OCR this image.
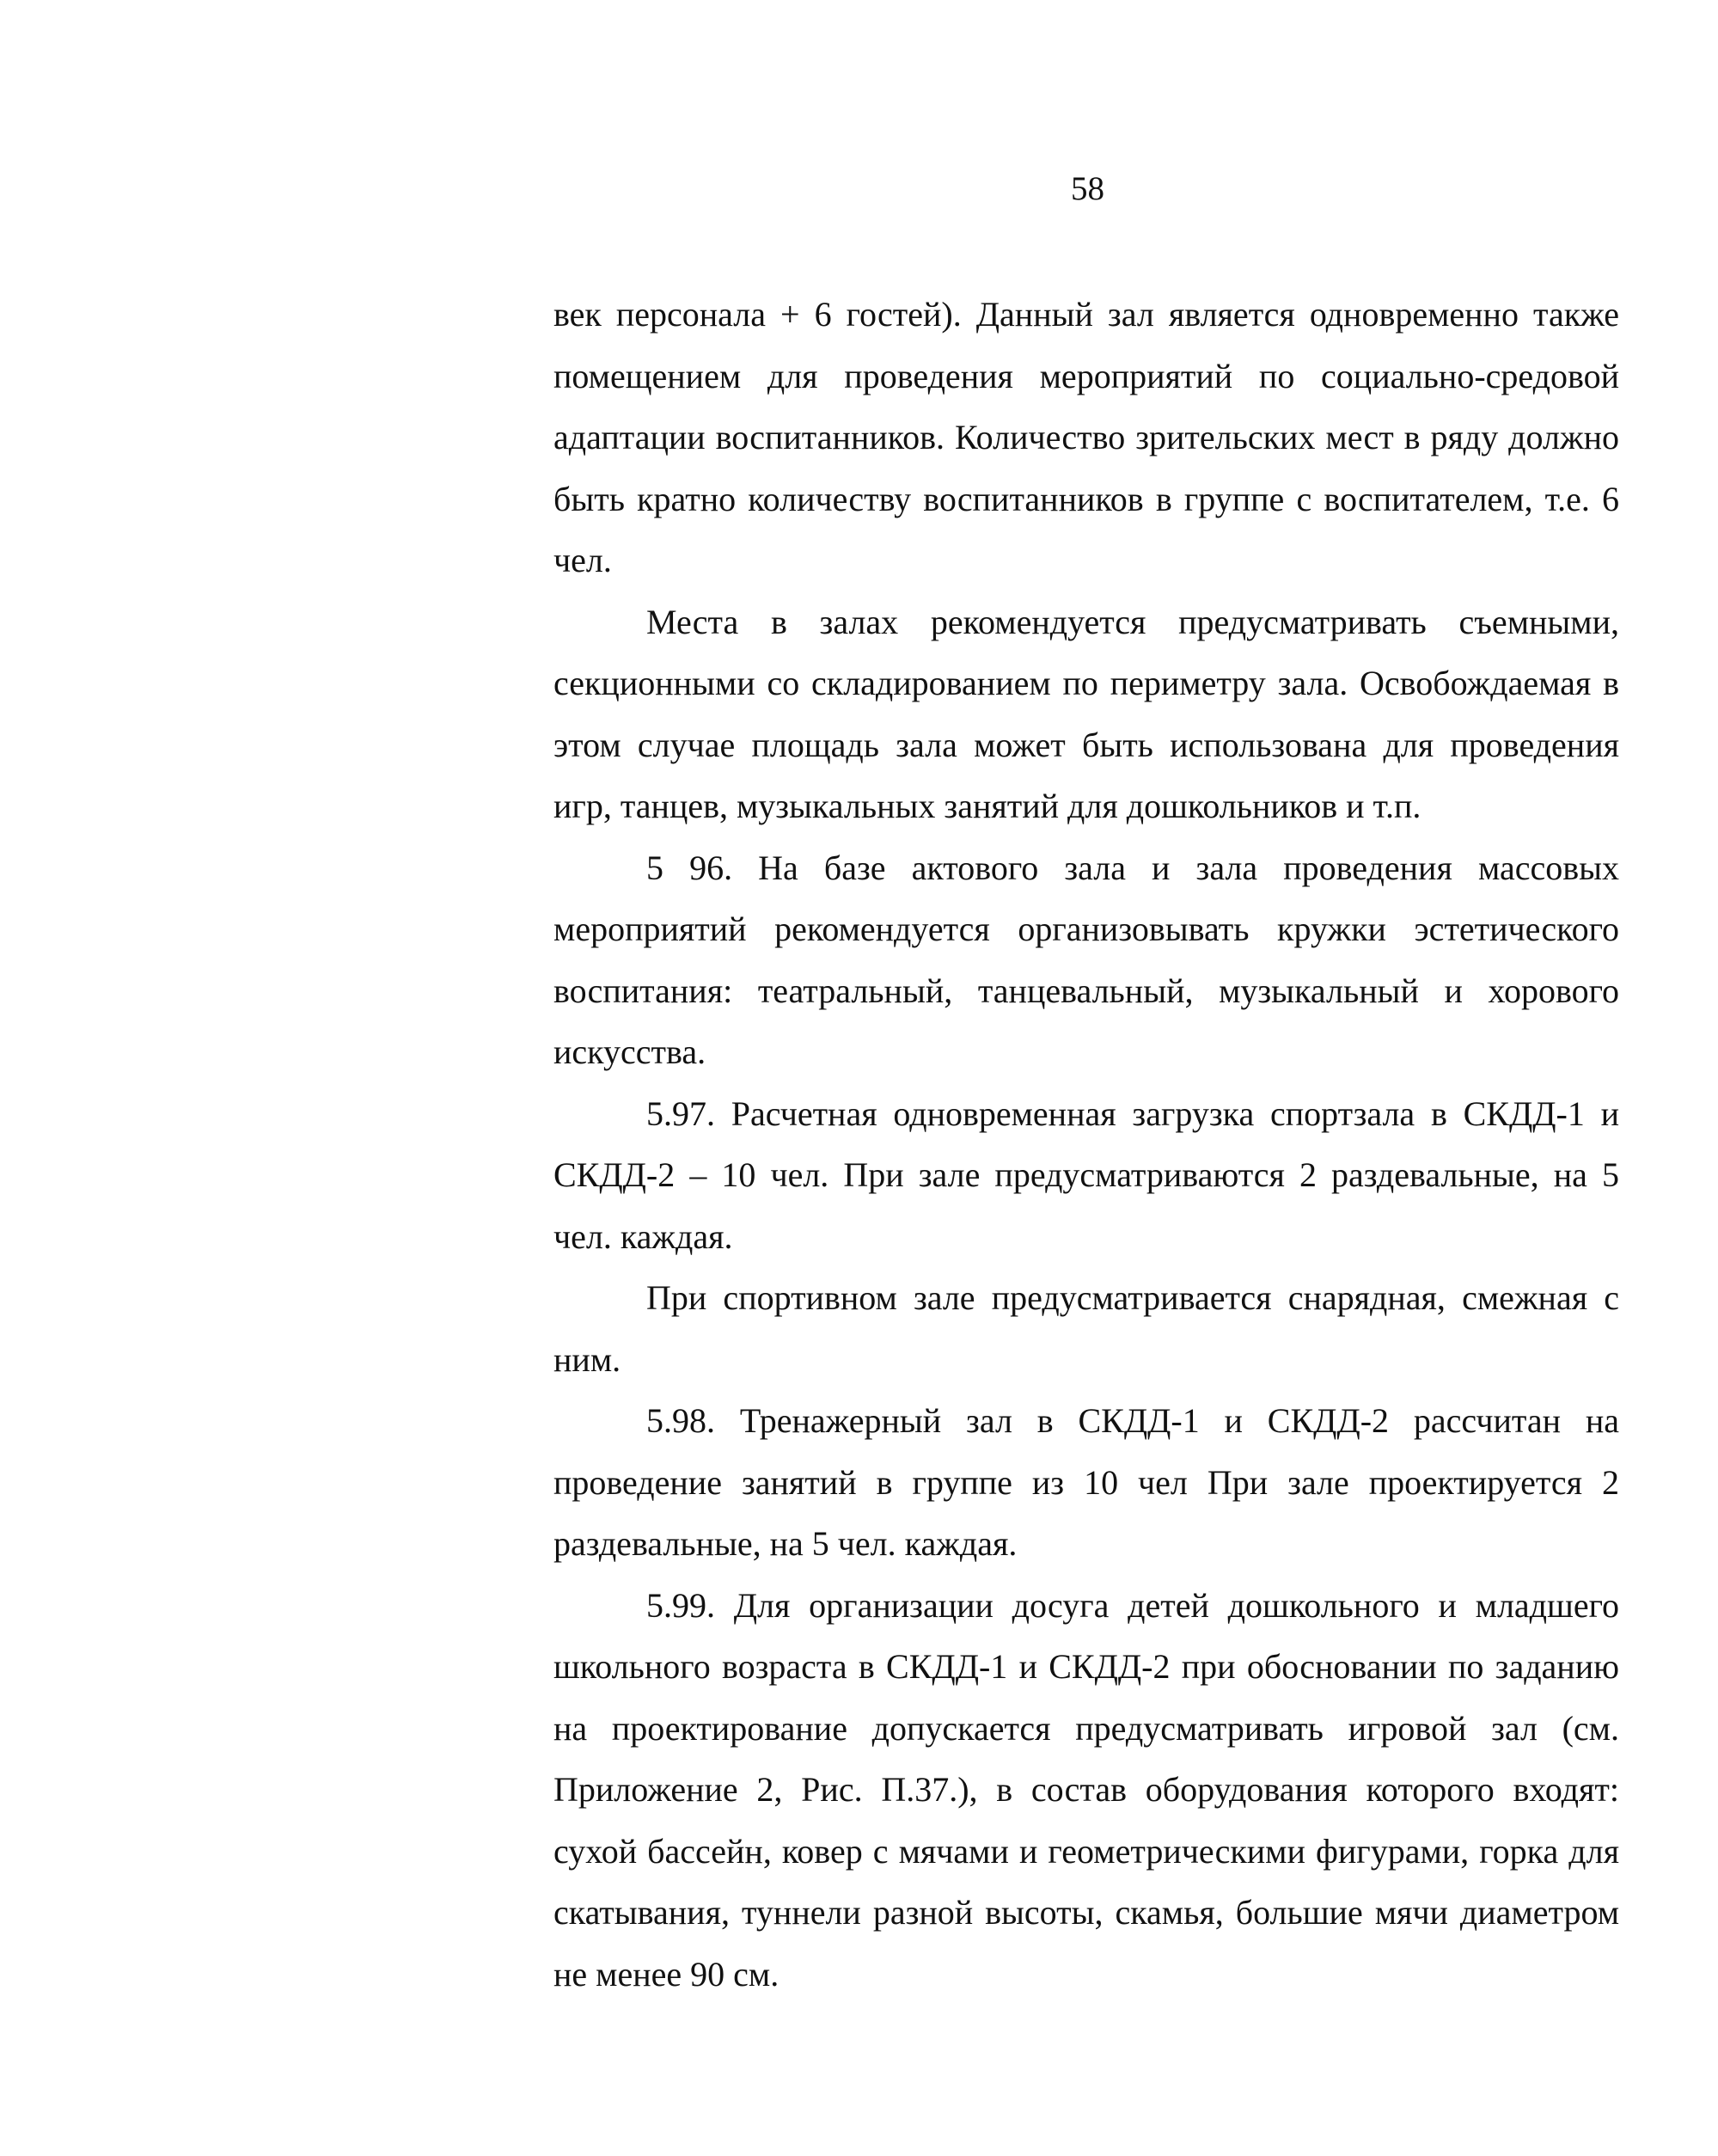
58

век персонала + 6 гостей). Данный зал является одновременно также помещением для проведения мероприятий по социально-средовой адаптации воспитанников. Количество зрительских мест в ряду должно быть кратно количеству воспитанников в группе с воспитателем, т.е. 6 чел.

Места в залах рекомендуется предусматривать съемными, секционными со складированием по периметру зала. Освобождаемая в этом случае площадь зала может быть использована для проведения игр, танцев, музыкальных занятий для дошкольников и т.п.

5 96. На базе актового зала и зала проведения массовых мероприятий рекомендуется организовывать кружки эстетического воспитания: театральный, танцевальный, музыкальный и хорового искусства.

5.97. Расчетная одновременная загрузка спортзала в СКДД-1 и СКДД-2 – 10 чел. При зале предусматриваются 2 раздевальные, на 5 чел. каждая.

При спортивном зале предусматривается снарядная, смежная с ним.

5.98. Тренажерный зал в СКДД-1 и СКДД-2 рассчитан на проведение занятий в группе из 10 чел При зале проектируется 2 раздевальные, на 5 чел. каждая.

5.99. Для организации досуга детей дошкольного и младшего школьного возраста в СКДД-1 и СКДД-2 при обосновании по заданию на проектирование допускается предусматривать игровой зал (см. Приложение 2, Рис. П.37.), в состав оборудования которого входят: сухой бассейн, ковер с мячами и геометрическими фигурами, горка для скатывания, туннели разной высоты, скамья, большие мячи диаметром не менее 90 см.
